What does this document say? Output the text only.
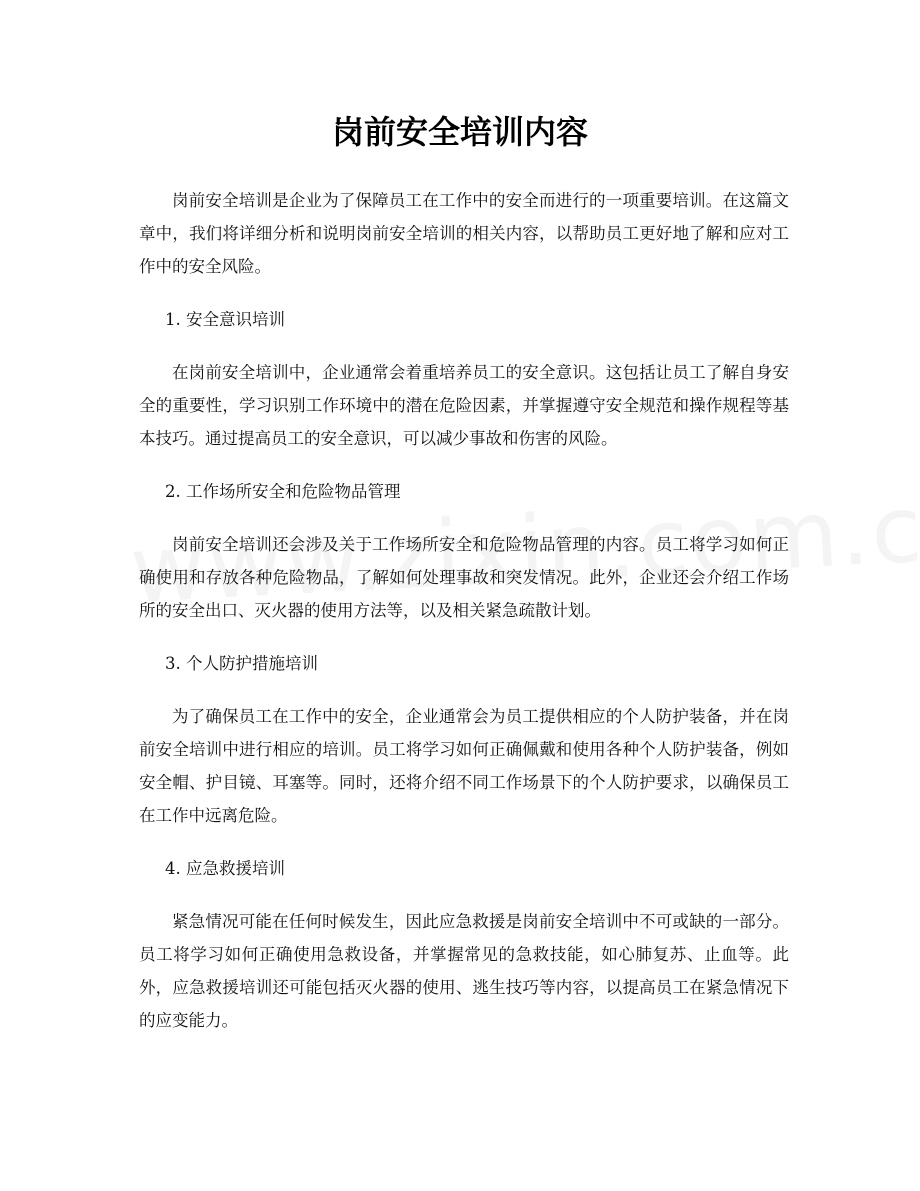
岗前安全培训内容

岗前安全培训是企业为了保障员工在工作中的安全而进行的一项重要培训。在这篇文章中，我们将详细分析和说明岗前安全培训的相关内容，以帮助员工更好地了解和应对工作中的安全风险。

1. 安全意识培训

在岗前安全培训中，企业通常会着重培养员工的安全意识。这包括让员工了解自身安全的重要性，学习识别工作环境中的潜在危险因素，并掌握遵守安全规范和操作规程等基本技巧。通过提高员工的安全意识，可以减少事故和伤害的风险。

2. 工作场所安全和危险物品管理

岗前安全培训还会涉及关于工作场所安全和危险物品管理的内容。员工将学习如何正确使用和存放各种危险物品，了解如何处理事故和突发情况。此外，企业还会介绍工作场所的安全出口、灭火器的使用方法等，以及相关紧急疏散计划。

3. 个人防护措施培训

为了确保员工在工作中的安全，企业通常会为员工提供相应的个人防护装备，并在岗前安全培训中进行相应的培训。员工将学习如何正确佩戴和使用各种个人防护装备，例如安全帽、护目镜、耳塞等。同时，还将介绍不同工作场景下的个人防护要求，以确保员工在工作中远离危险。

4. 应急救援培训

紧急情况可能在任何时候发生，因此应急救援是岗前安全培训中不可或缺的一部分。员工将学习如何正确使用急救设备，并掌握常见的急救技能，如心肺复苏、止血等。此外，应急救援培训还可能包括灭火器的使用、逃生技巧等内容，以提高员工在紧急情况下的应变能力。
